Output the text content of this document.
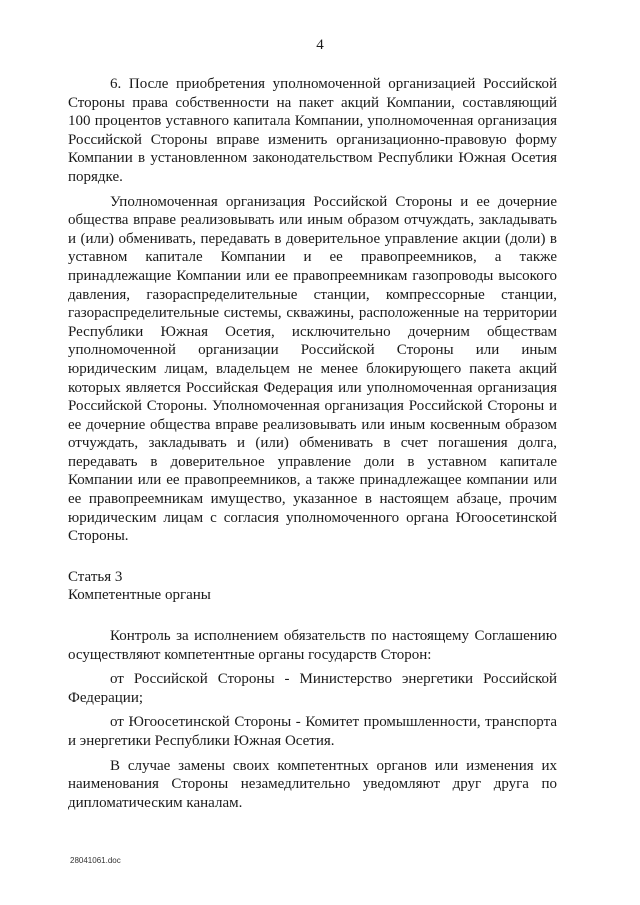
4

6. После приобретения уполномоченной организацией Российской Стороны права собственности на пакет акций Компании, составляющий 100 процентов уставного капитала Компании, уполномоченная организация Российской Стороны вправе изменить организационно-правовую форму Компании в установленном законодательством Республики Южная Осетия порядке.

Уполномоченная организация Российской Стороны и ее дочерние общества вправе реализовывать или иным образом отчуждать, закладывать и (или) обменивать, передавать в доверительное управление акции (доли) в уставном капитале Компании и ее правопреемников, а также принадлежащие Компании или ее правопреемникам газопроводы высокого давления, газораспределительные станции, компрессорные станции, газораспределительные системы, скважины, расположенные на территории Республики Южная Осетия, исключительно дочерним обществам уполномоченной организации Российской Стороны или иным юридическим лицам, владельцем не менее блокирующего пакета акций которых является Российская Федерация или уполномоченная организация Российской Стороны. Уполномоченная организация Российской Стороны и ее дочерние общества вправе реализовывать или иным косвенным образом отчуждать, закладывать и (или) обменивать в счет погашения долга, передавать в доверительное управление доли в уставном капитале Компании или ее правопреемников, а также принадлежащее компании или ее правопреемникам имущество, указанное в настоящем абзаце, прочим юридическим лицам с согласия уполномоченного органа Югоосетинской Стороны.

Статья 3

Компетентные органы

Контроль за исполнением обязательств по настоящему Соглашению осуществляют компетентные органы государств Сторон:

от Российской Стороны - Министерство энергетики Российской Федерации;

от Югоосетинской Стороны - Комитет промышленности, транспорта и энергетики Республики Южная Осетия.

В случае замены своих компетентных органов или изменения их наименования Стороны незамедлительно уведомляют друг друга по дипломатическим каналам.

28041061.doc
